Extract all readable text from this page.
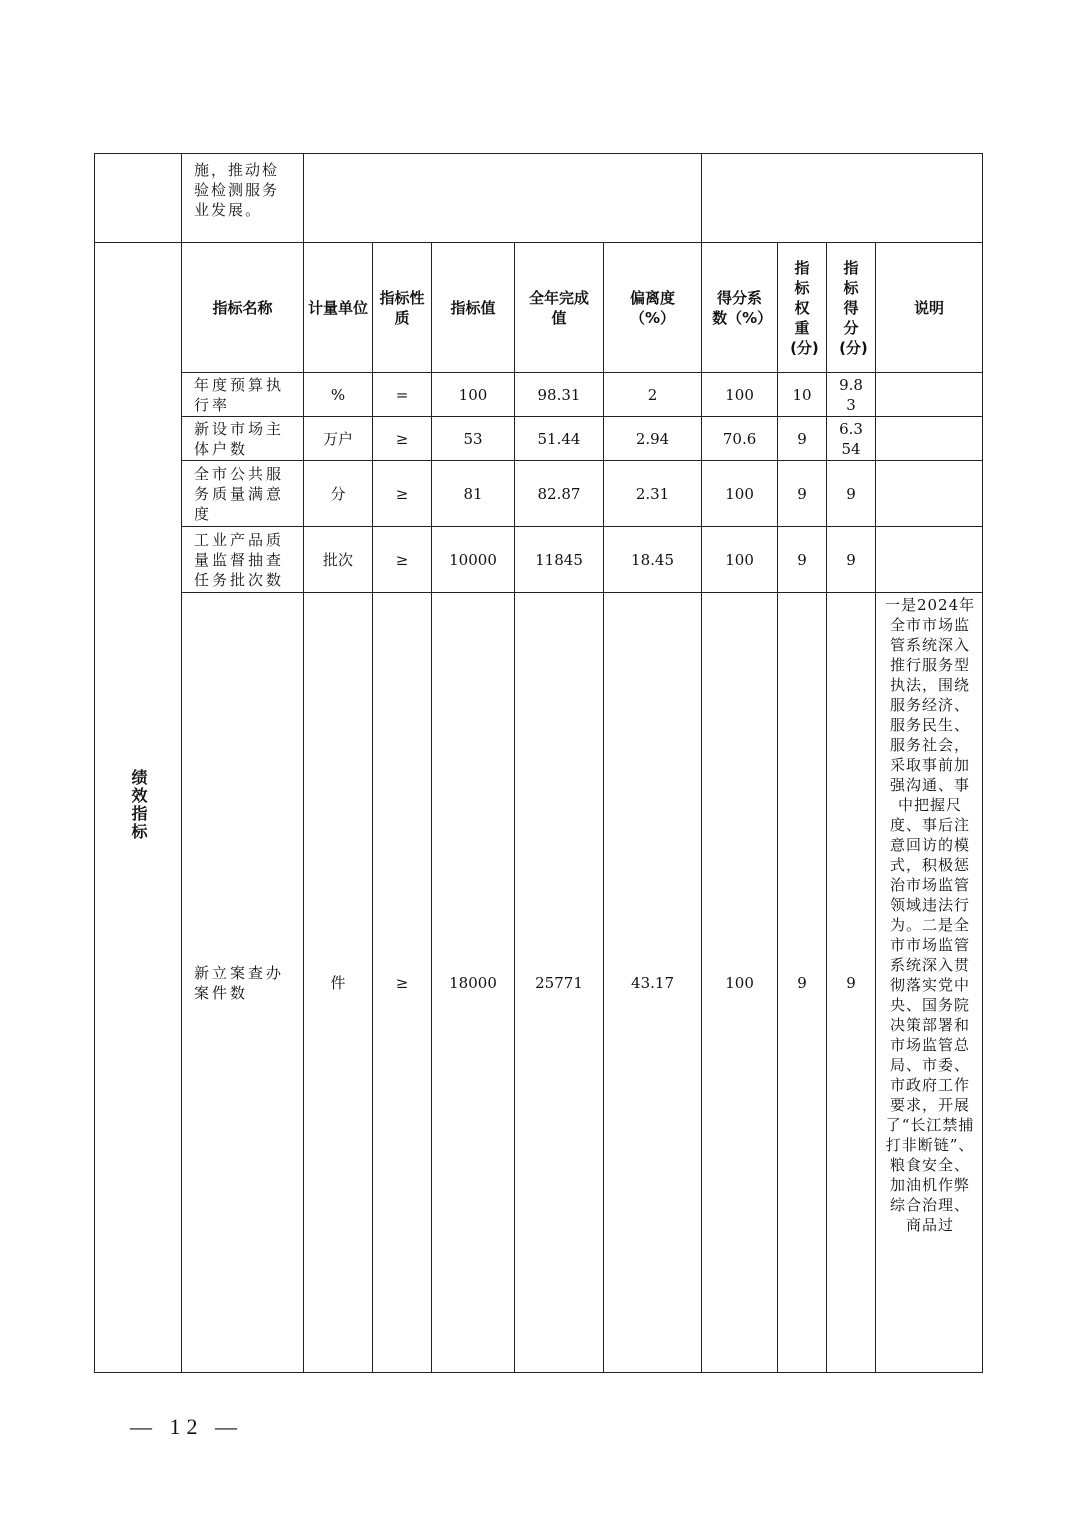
	施，推动检验检测服务业发展。									
绩效指标	指标名称	计量单位	指标性质	指标值	全年完成值	偏离度（%）	得分系数（%）	指标权重(分)	指标得分(分)	说明
	年度预算执行率	%	=	100	98.31	2	100	10	9.83	
	新设市场主体户数	万户	≥	53	51.44	2.94	70.6	9	6.354	
	全市公共服务质量满意度	分	≥	81	82.87	2.31	100	9	9	
	工业产品质量监督抽查任务批次数	批次	≥	10000	11845	18.45	100	9	9	
	新立案查办案件数	件	≥	18000	25771	43.17	100	9	9	一是2024年全市市场监管系统深入推行服务型执法，围绕服务经济、服务民生、服务社会，采取事前加强沟通、事中把握尺度、事后注意回访的模式，积极惩治市场监管领域违法行为。二是全市市场监管系统深入贯彻落实党中央、国务院决策部署和市场监管总局、市委、市政府工作要求，开展了“长江禁捕 打非断链”、粮食安全、加油机作弊综合治理、商品过
— 12 —
